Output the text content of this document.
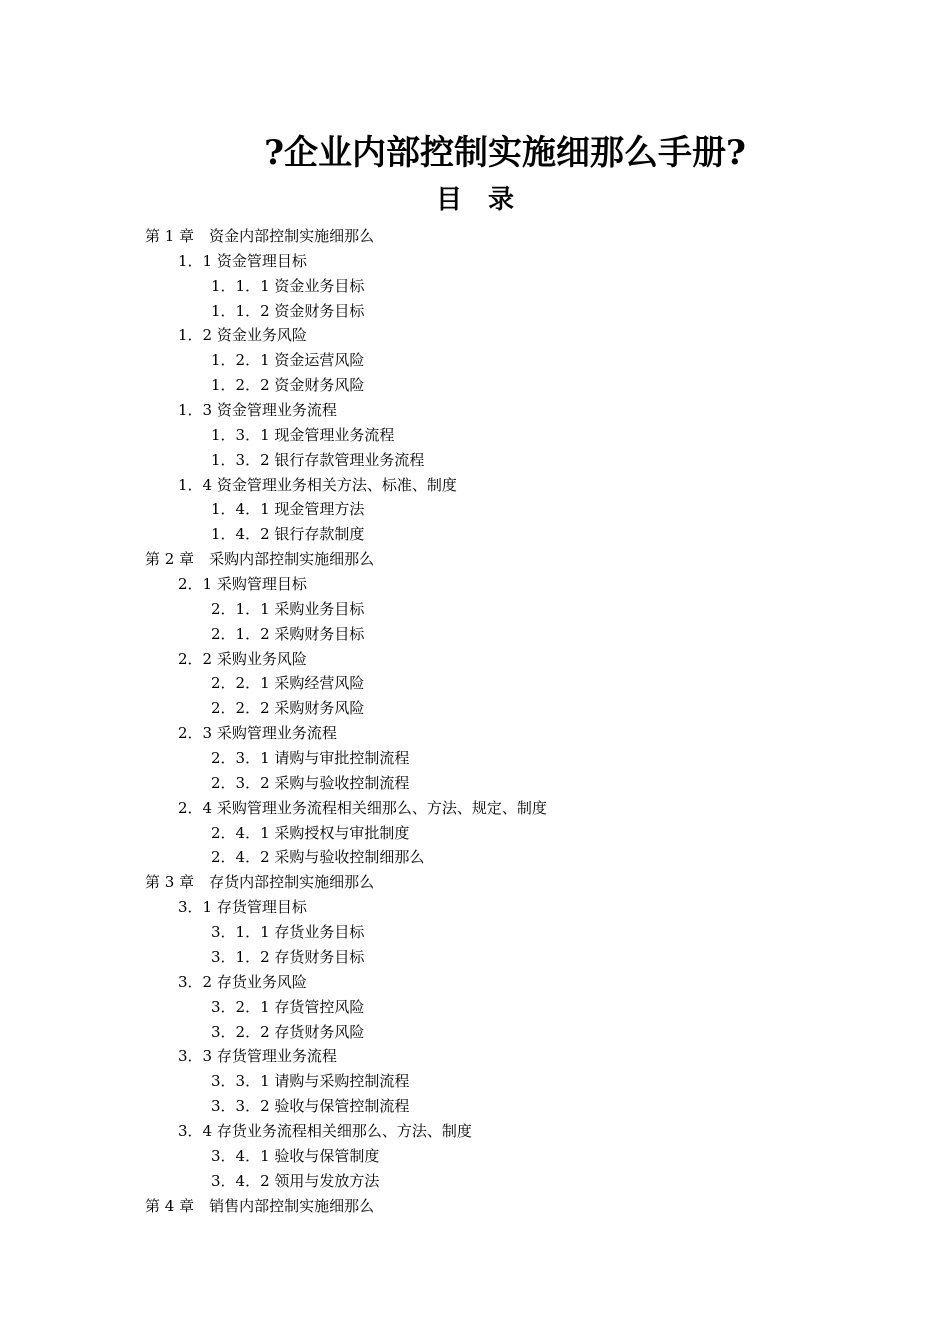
?企业内部控制实施细那么手册?
目　录
第 1 章　资金内部控制实施细那么
1．1 资金管理目标
1．1．1 资金业务目标
1．1．2 资金财务目标
1．2 资金业务风险
1．2．1 资金运营风险
1．2．2 资金财务风险
1．3 资金管理业务流程
1．3．1 现金管理业务流程
1．3．2 银行存款管理业务流程
1．4 资金管理业务相关方法、标准、制度
1．4．1 现金管理方法
1．4．2 银行存款制度
第 2 章　采购内部控制实施细那么
2．1 采购管理目标
2．1．1 采购业务目标
2．1．2 采购财务目标
2．2 采购业务风险
2．2．1 采购经营风险
2．2．2 采购财务风险
2．3 采购管理业务流程
2．3．1 请购与审批控制流程
2．3．2 采购与验收控制流程
2．4 采购管理业务流程相关细那么、方法、规定、制度
2．4．1 采购授权与审批制度
2．4．2 采购与验收控制细那么
第 3 章　存货内部控制实施细那么
3．1 存货管理目标
3．1．1 存货业务目标
3．1．2 存货财务目标
3．2 存货业务风险
3．2．1 存货管控风险
3．2．2 存货财务风险
3．3 存货管理业务流程
3．3．1 请购与采购控制流程
3．3．2 验收与保管控制流程
3．4 存货业务流程相关细那么、方法、制度
3．4．1 验收与保管制度
3．4．2 领用与发放方法
第 4 章　销售内部控制实施细那么
